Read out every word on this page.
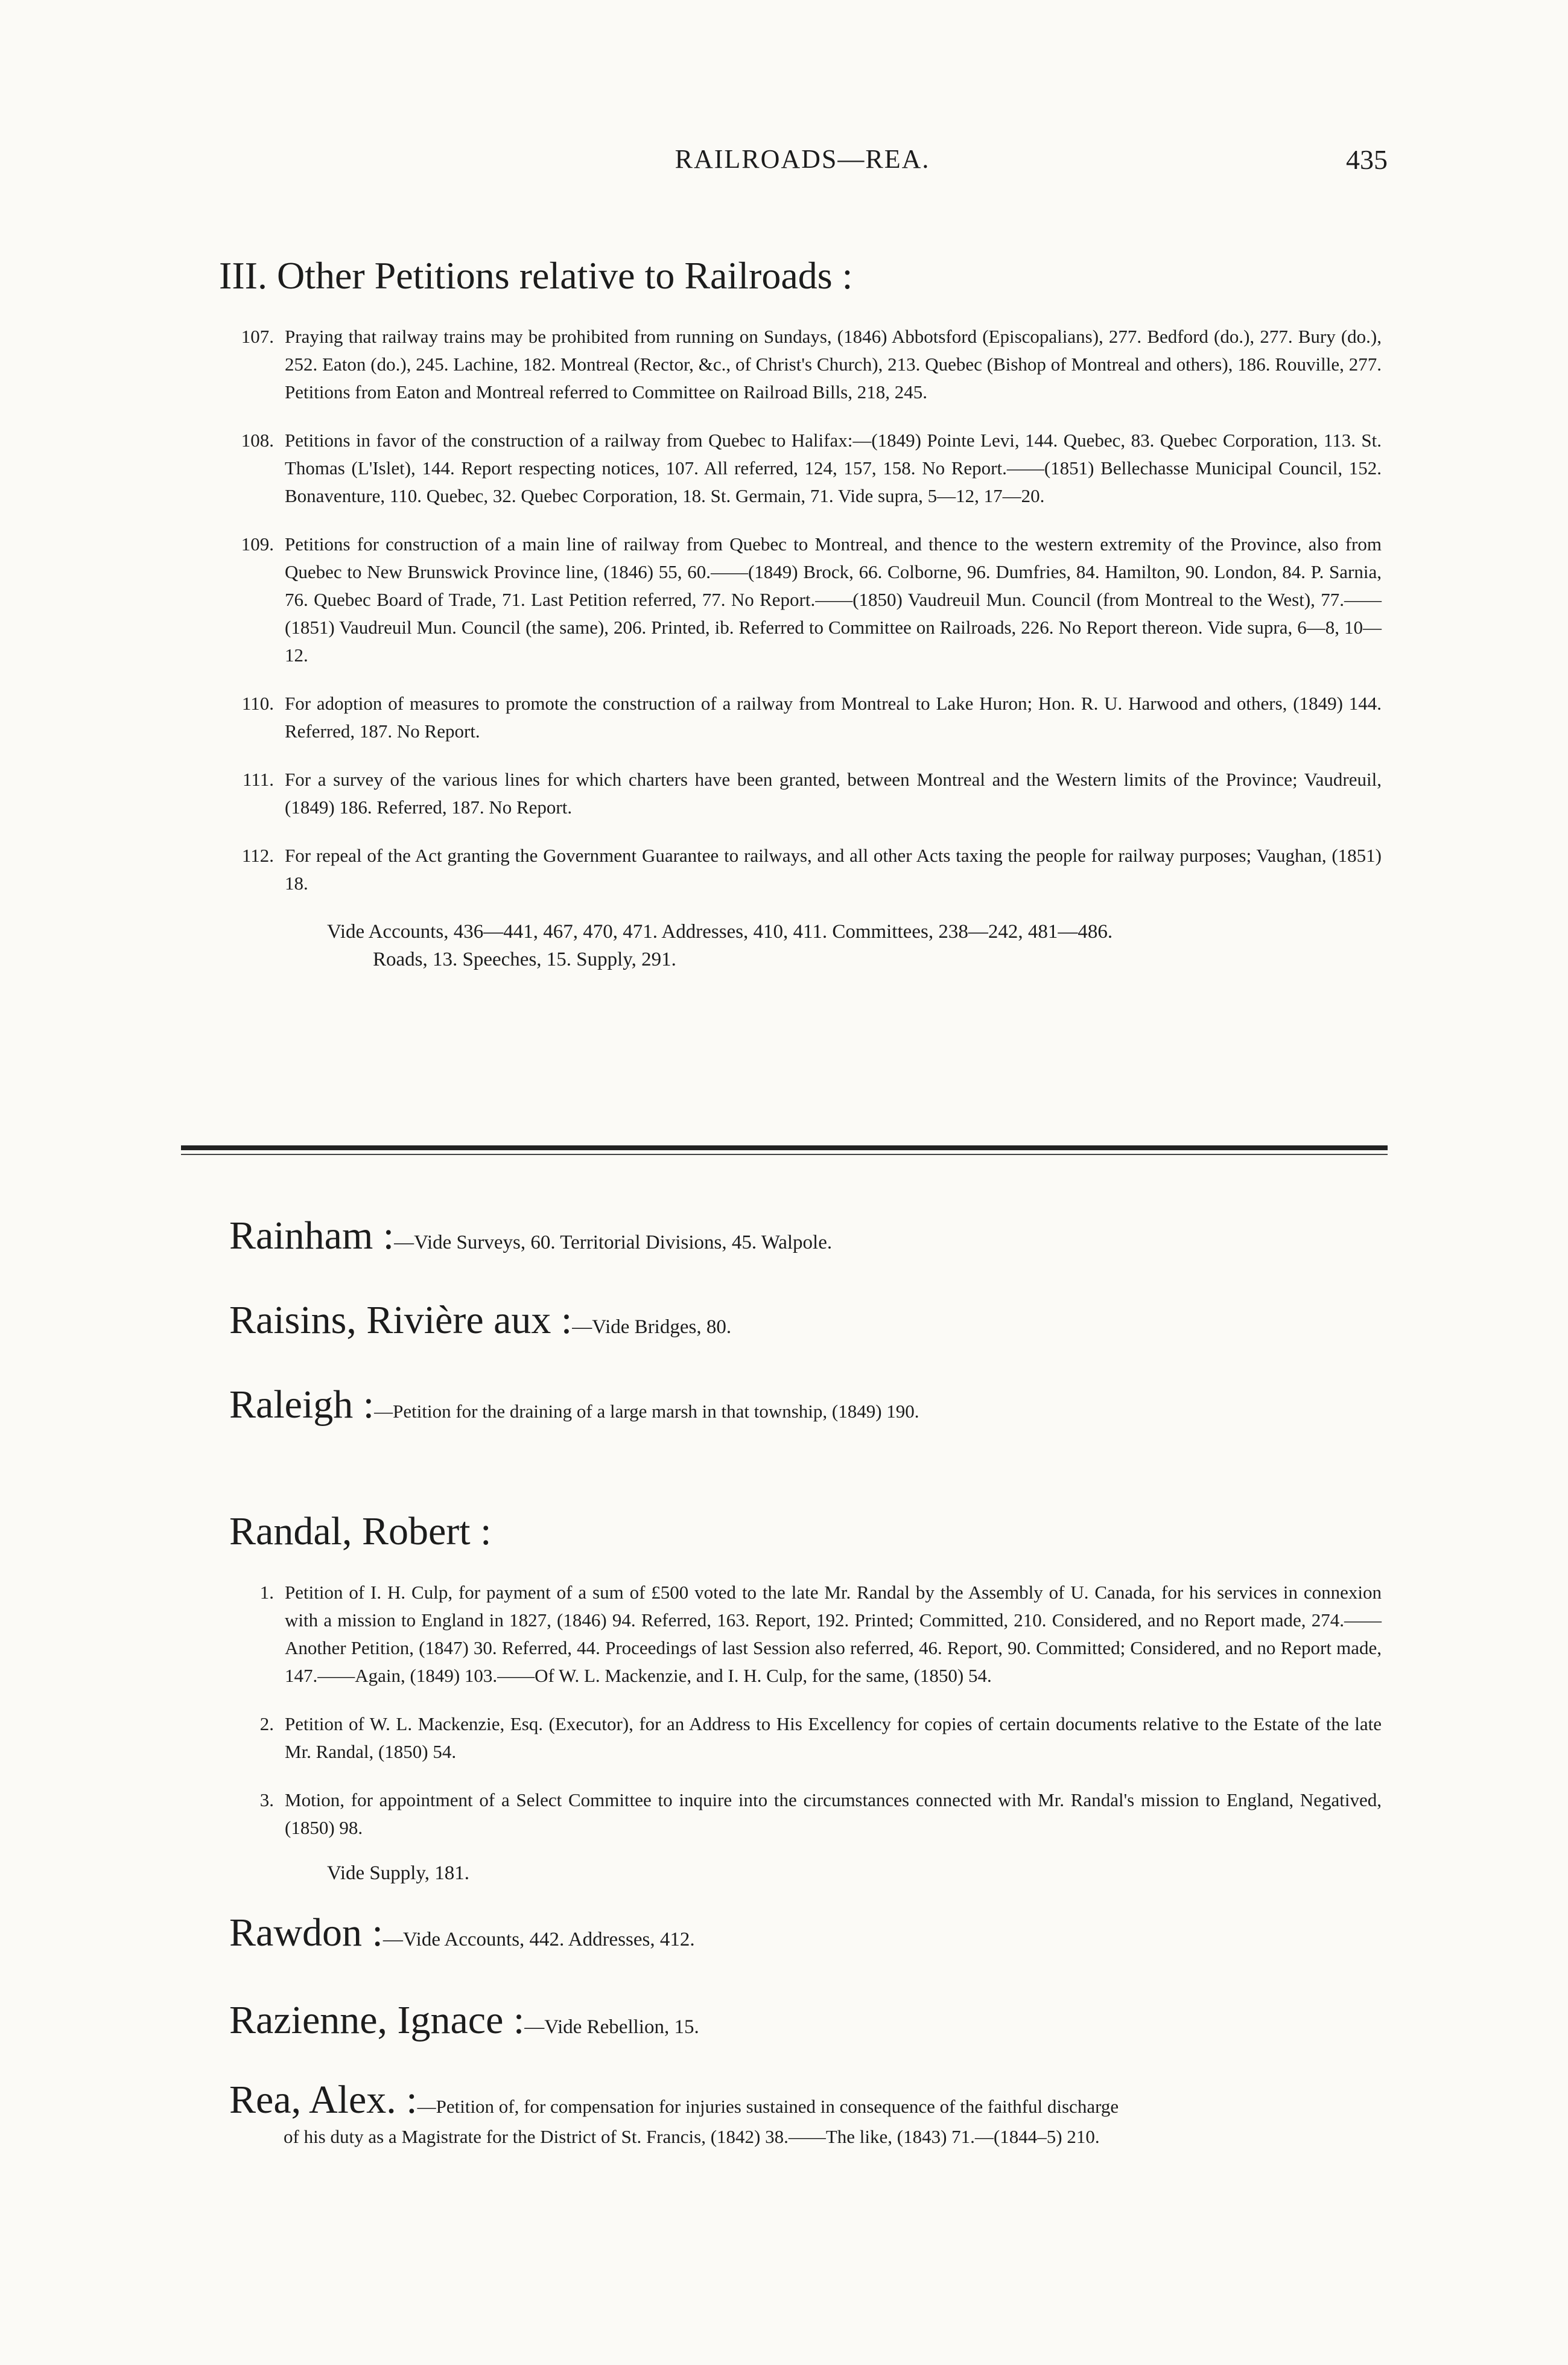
RAILROADS—REA.	435
III. Other Petitions relative to Railroads :
107. Praying that railway trains may be prohibited from running on Sundays, (1846) Abbotsford (Episcopalians), 277. Bedford (do.), 277. Bury (do.), 252. Eaton (do.), 245. Lachine, 182. Montreal (Rector, &c., of Christ's Church), 213. Quebec (Bishop of Montreal and others), 186. Rouville, 277. Petitions from Eaton and Montreal referred to Committee on Railroad Bills, 218, 245.
108. Petitions in favor of the construction of a railway from Quebec to Halifax:—(1849) Pointe Levi, 144. Quebec, 83. Quebec Corporation, 113. St. Thomas (L'Islet), 144. Report respecting notices, 107. All referred, 124, 157, 158. No Report.——(1851) Bellechasse Municipal Council, 152. Bonaventure, 110. Quebec, 32. Quebec Corporation, 18. St. Germain, 71. Vide supra, 5—12, 17—20.
109. Petitions for construction of a main line of railway from Quebec to Montreal, and thence to the western extremity of the Province, also from Quebec to New Brunswick Province line, (1846) 55, 60.——(1849) Brock, 66. Colborne, 96. Dumfries, 84. Hamilton, 90. London, 84. P. Sarnia, 76. Quebec Board of Trade, 71. Last Petition referred, 77. No Report.——(1850) Vaudreuil Mun. Council (from Montreal to the West), 77.——(1851) Vaudreuil Mun. Council (the same), 206. Printed, ib. Referred to Committee on Railroads, 226. No Report thereon. Vide supra, 6—8, 10—12.
110. For adoption of measures to promote the construction of a railway from Montreal to Lake Huron; Hon. R. U. Harwood and others, (1849) 144. Referred, 187. No Report.
111. For a survey of the various lines for which charters have been granted, between Montreal and the Western limits of the Province; Vaudreuil, (1849) 186. Referred, 187. No Report.
112. For repeal of the Act granting the Government Guarantee to railways, and all other Acts taxing the people for railway purposes; Vaughan, (1851) 18.
Vide Accounts, 436—441, 467, 470, 471. Addresses, 410, 411. Committees, 238—242, 481—486.
Roads, 13. Speeches, 15. Supply, 291.
Rainham :—Vide Surveys, 60. Territorial Divisions, 45. Walpole.
Raisins, Rivière aux :—Vide Bridges, 80.
Raleigh :—Petition for the draining of a large marsh in that township, (1849) 190.
Randal, Robert :
1. Petition of I. H. Culp, for payment of a sum of £500 voted to the late Mr. Randal by the Assembly of U. Canada, for his services in connexion with a mission to England in 1827, (1846) 94. Referred, 163. Report, 192. Printed; Committed, 210. Considered, and no Report made, 274.——Another Petition, (1847) 30. Referred, 44. Proceedings of last Session also referred, 46. Report, 90. Committed; Considered, and no Report made, 147.——Again, (1849) 103.——Of W. L. Mackenzie, and I. H. Culp, for the same, (1850) 54.
2. Petition of W. L. Mackenzie, Esq. (Executor), for an Address to His Excellency for copies of certain documents relative to the Estate of the late Mr. Randal, (1850) 54.
3. Motion, for appointment of a Select Committee to inquire into the circumstances connected with Mr. Randal's mission to England, Negatived, (1850) 98.
Vide Supply, 181.
Rawdon :—Vide Accounts, 442. Addresses, 412.
Razienne, Ignace :—Vide Rebellion, 15.
Rea, Alex. :—Petition of, for compensation for injuries sustained in consequence of the faithful discharge
of his duty as a Magistrate for the District of St. Francis, (1842) 38.——The like, (1843) 71.—(1844–5) 210.
